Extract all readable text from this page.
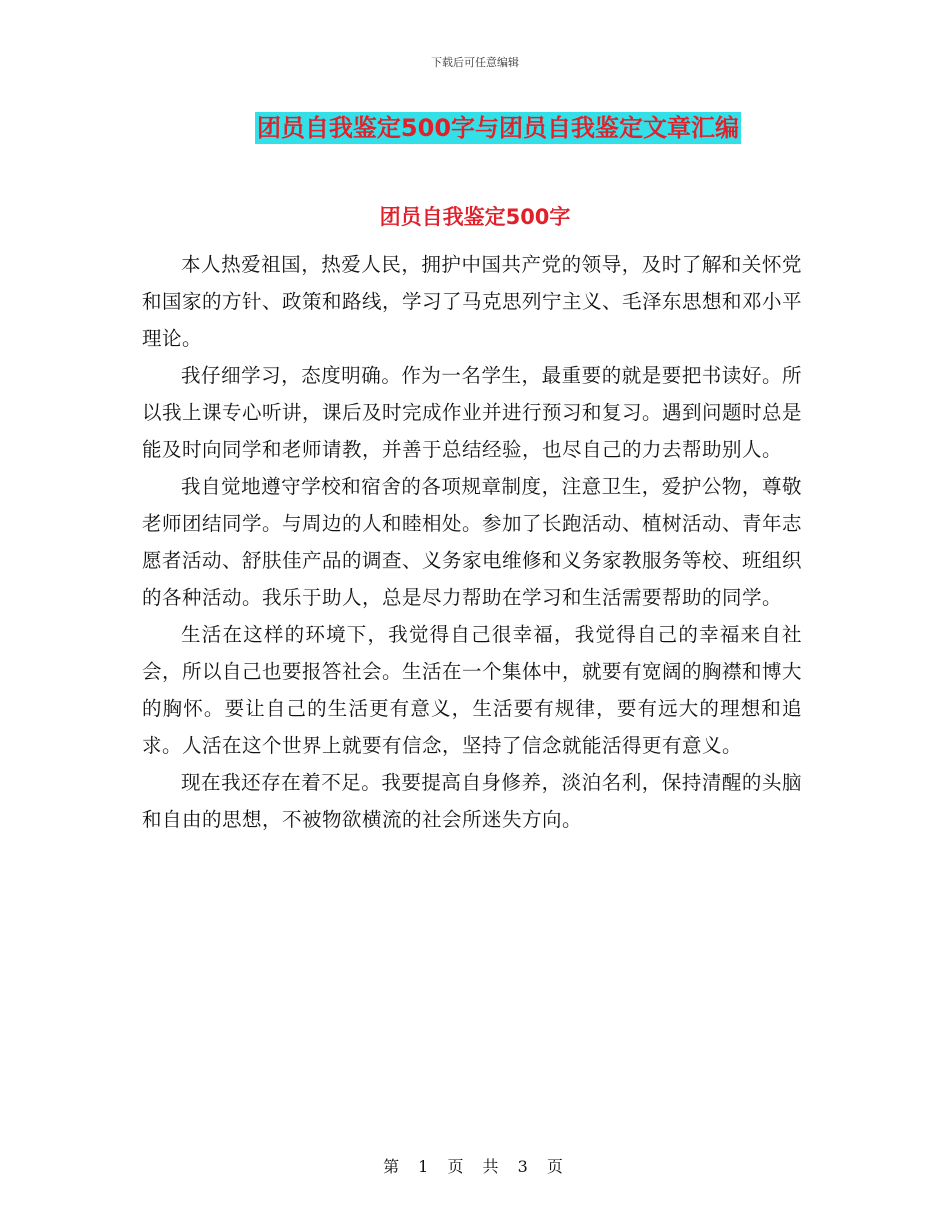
下载后可任意编辑
团员自我鉴定500字与团员自我鉴定文章汇编
团员自我鉴定500字

本人热爱祖国，热爱人民，拥护中国共产党的领导，及时了解和关怀党和国家的方针、政策和路线，学习了马克思列宁主义、毛泽东思想和邓小平理论。

我仔细学习，态度明确。作为一名学生，最重要的就是要把书读好。所以我上课专心听讲，课后及时完成作业并进行预习和复习。遇到问题时总是能及时向同学和老师请教，并善于总结经验，也尽自己的力去帮助别人。

我自觉地遵守学校和宿舍的各项规章制度，注意卫生，爱护公物，尊敬老师团结同学。与周边的人和睦相处。参加了长跑活动、植树活动、青年志愿者活动、舒肤佳产品的调查、义务家电维修和义务家教服务等校、班组织的各种活动。我乐于助人，总是尽力帮助在学习和生活需要帮助的同学。

生活在这样的环境下，我觉得自己很幸福，我觉得自己的幸福来自社会，所以自己也要报答社会。生活在一个集体中，就要有宽阔的胸襟和博大的胸怀。要让自己的生活更有意义，生活要有规律，要有远大的理想和追求。人活在这个世界上就要有信念，坚持了信念就能活得更有意义。

现在我还存在着不足。我要提高自身修养，淡泊名利，保持清醒的头脑和自由的思想，不被物欲横流的社会所迷失方向。

第 1 页 共 3 页
